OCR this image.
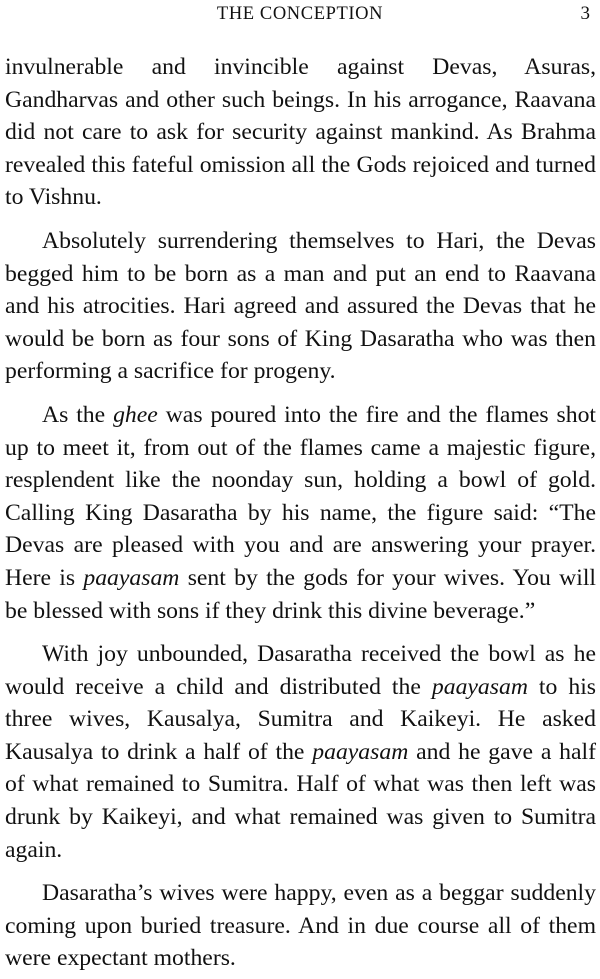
THE CONCEPTION	3

invulnerable and invincible against Devas, Asuras, Gandharvas and other such beings. In his arrogance, Raavana did not care to ask for security against mankind. As Brahma revealed this fateful omission all the Gods rejoiced and turned to Vishnu.

Absolutely surrendering themselves to Hari, the Devas begged him to be born as a man and put an end to Raavana and his atrocities. Hari agreed and assured the Devas that he would be born as four sons of King Dasaratha who was then performing a sacrifice for progeny.

As the ghee was poured into the fire and the flames shot up to meet it, from out of the flames came a majestic figure, resplendent like the noonday sun, holding a bowl of gold. Calling King Dasaratha by his name, the figure said: “The Devas are pleased with you and are answering your prayer. Here is paayasam sent by the gods for your wives. You will be blessed with sons if they drink this divine beverage.”

With joy unbounded, Dasaratha received the bowl as he would receive a child and distributed the paayasam to his three wives, Kausalya, Sumitra and Kaikeyi. He asked Kausalya to drink a half of the paayasam and he gave a half of what remained to Sumitra. Half of what was then left was drunk by Kaikeyi, and what remained was given to Sumitra again.

Dasaratha’s wives were happy, even as a beggar suddenly coming upon buried treasure. And in due course all of them were expectant mothers.
